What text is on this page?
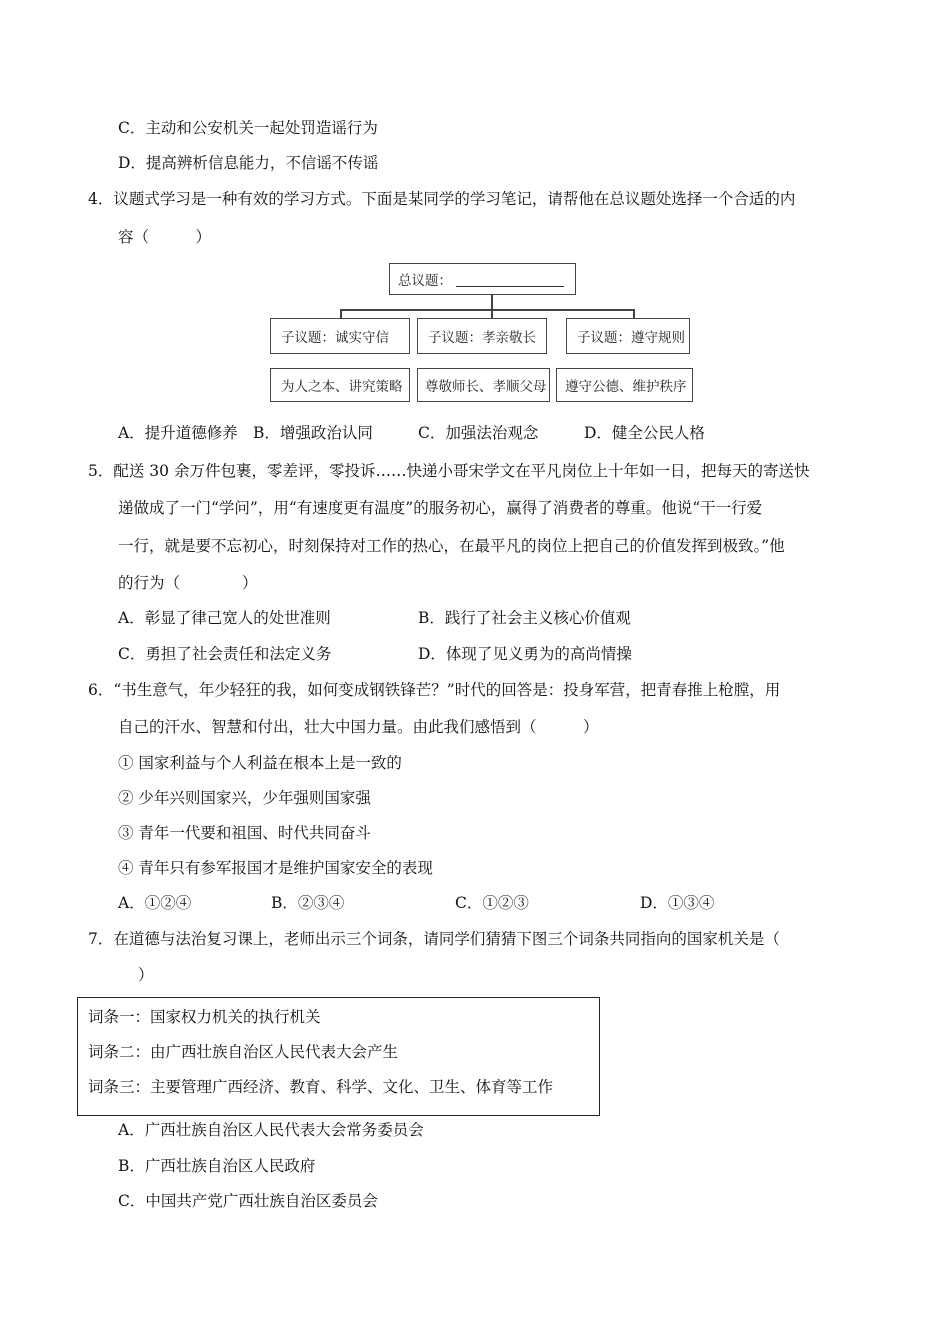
C．主动和公安机关一起处罚造谣行为
D．提高辨析信息能力，不信谣不传谣
4．议题式学习是一种有效的学习方式。下面是某同学的学习笔记，请帮他在总议题处选择一个合适的内
容（　　　）
总议题：
子议题：诚实守信	子议题：孝亲敬长	子议题：遵守规则
为人之本、讲究策略 尊敬师长、孝顺父母 遵守公德、维护秩序
A．提升道德修养 B．增强政治认同	C．加强法治观念	D．健全公民人格
5．配送 30 余万件包裹，零差评，零投诉……快递小哥宋学文在平凡岗位上十年如一日，把每天的寄送快
递做成了一门“学问”，用“有速度更有温度”的服务初心，赢得了消费者的尊重。他说“干一行爱
一行，就是要不忘初心，时刻保持对工作的热心，在最平凡的岗位上把自己的价值发挥到极致。”他
的行为（　　　　）
A．彰显了律己宽人的处世准则	B．践行了社会主义核心价值观
C．勇担了社会责任和法定义务	D．体现了见义勇为的高尚情操
6．“书生意气，年少轻狂的我，如何变成钢铁锋芒？”时代的回答是：投身军营，把青春推上枪膛，用
自己的汗水、智慧和付出，壮大中国力量。由此我们感悟到（　　　）
① 国家利益与个人利益在根本上是一致的
② 少年兴则国家兴，少年强则国家强
③ 青年一代要和祖国、时代共同奋斗
④ 青年只有参军报国才是维护国家安全的表现
A．①②④	B．②③④	C．①②③	D．①③④
7．在道德与法治复习课上，老师出示三个词条，请同学们猜猜下图三个词条共同指向的国家机关是（
）
词条一：国家权力机关的执行机关
词条二：由广西壮族自治区人民代表大会产生
词条三：主要管理广西经济、教育、科学、文化、卫生、体育等工作
A．广西壮族自治区人民代表大会常务委员会
B．广西壮族自治区人民政府
C．中国共产党广西壮族自治区委员会
